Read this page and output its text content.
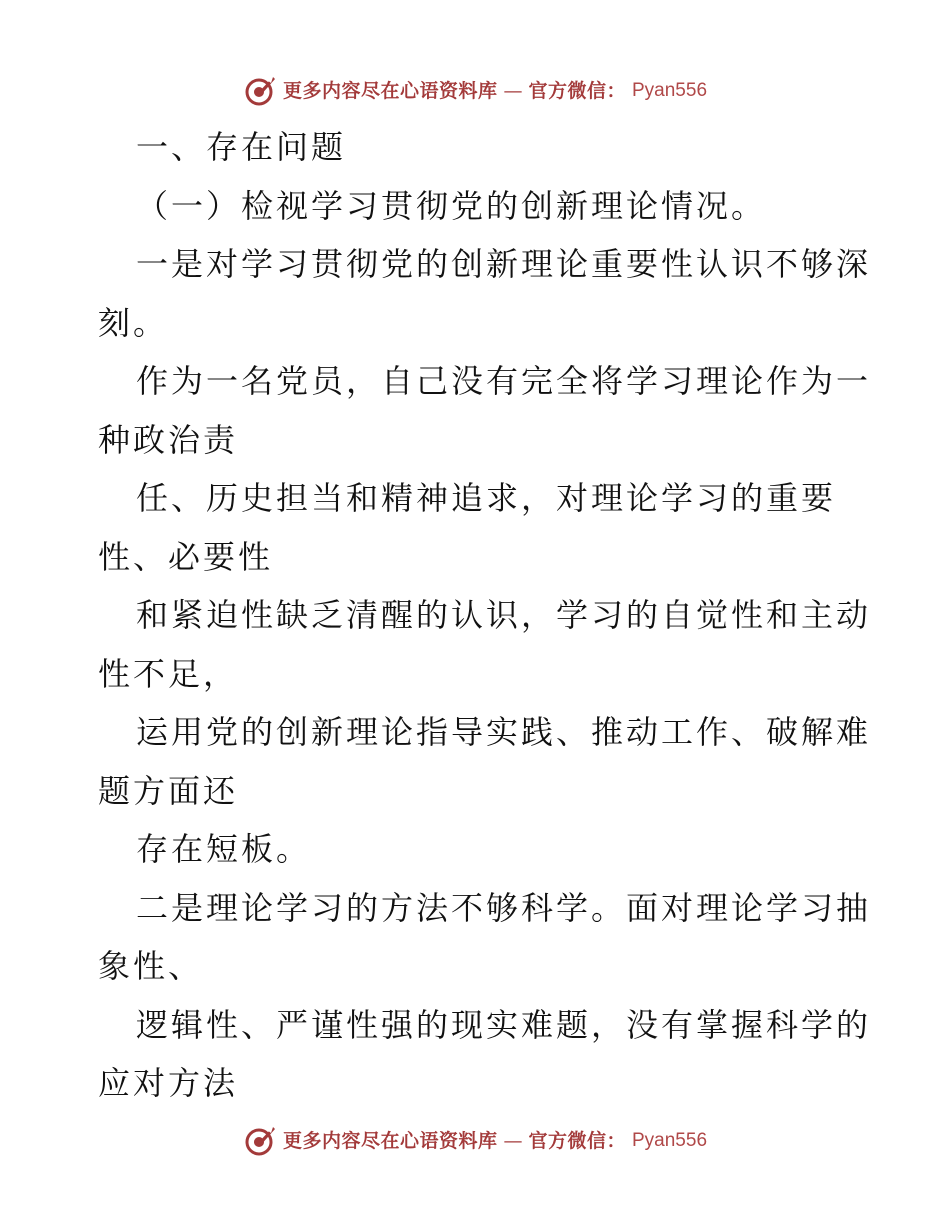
更多内容尽在心语资料库 — 官方微信： Pyan556
一、存在问题
（一）检视学习贯彻党的创新理论情况。
一是对学习贯彻党的创新理论重要性认识不够深
刻。
作为一名党员，自己没有完全将学习理论作为一
种政治责
任、历史担当和精神追求，对理论学习的重要
性、必要性
和紧迫性缺乏清醒的认识，学习的自觉性和主动
性不足，
运用党的创新理论指导实践、推动工作、破解难
题方面还
存在短板。
二是理论学习的方法不够科学。面对理论学习抽
象性、
逻辑性、严谨性强的现实难题，没有掌握科学的
应对方法
更多内容尽在心语资料库 — 官方微信： Pyan556
